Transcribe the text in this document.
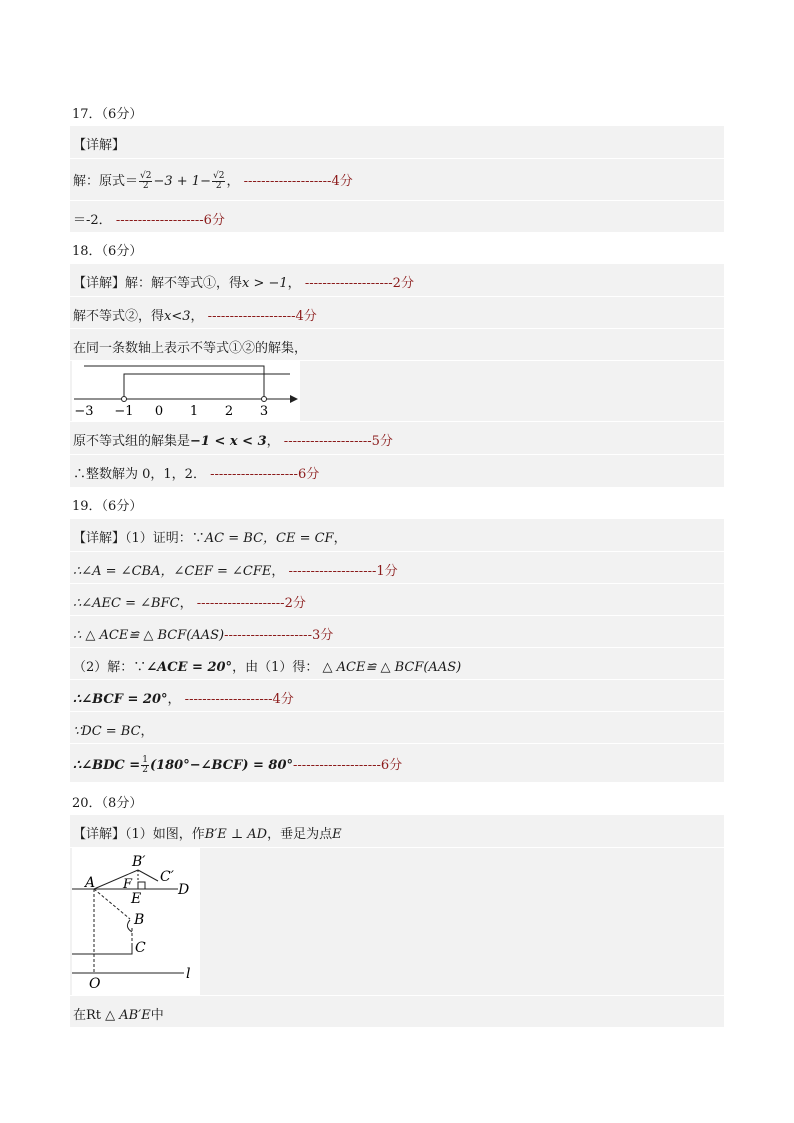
17．（6分）
【详解】
解：原式＝ $\frac{√2}{2} -3 + 1- \frac{√2}{2}$ ， --------------------4分
＝-2． --------------------6分
18．（6分）
【详解】解：解不等式①，得x > −1， --------------------2分
解不等式②，得x<3， --------------------4分
在同一条数轴上表示不等式①②的解集，
−3 −1 0 1 2 3
原不等式组的解集是−1 < x < 3， --------------------5分
∴整数解为 0，1，2． --------------------6分
19．（6分）
【详解】（1）证明：∵AC = BC，CE = CF，
∴∠A = ∠CBA，∠CEF = ∠CFE， --------------------1分
∴∠AEC = ∠BFC， --------------------2分
∴ △ ACE≌ △ BCF(AAS)--------------------3分
（2）解：∵∠ACE = 20°，由（1）得： △ ACE≌ △ BCF(AAS)
∴∠BCF = 20°， --------------------4分
∵DC = BC，
∴∠BDC = $\frac{1}{2}$ (180°−∠BCF) = 80°--------------------6分
20．（8分）
【详解】（1）如图，作B′E ⊥ AD，垂足为点E
A
B′
C′
D
F
E
B
C
O
l
在Rt △ AB′E中
